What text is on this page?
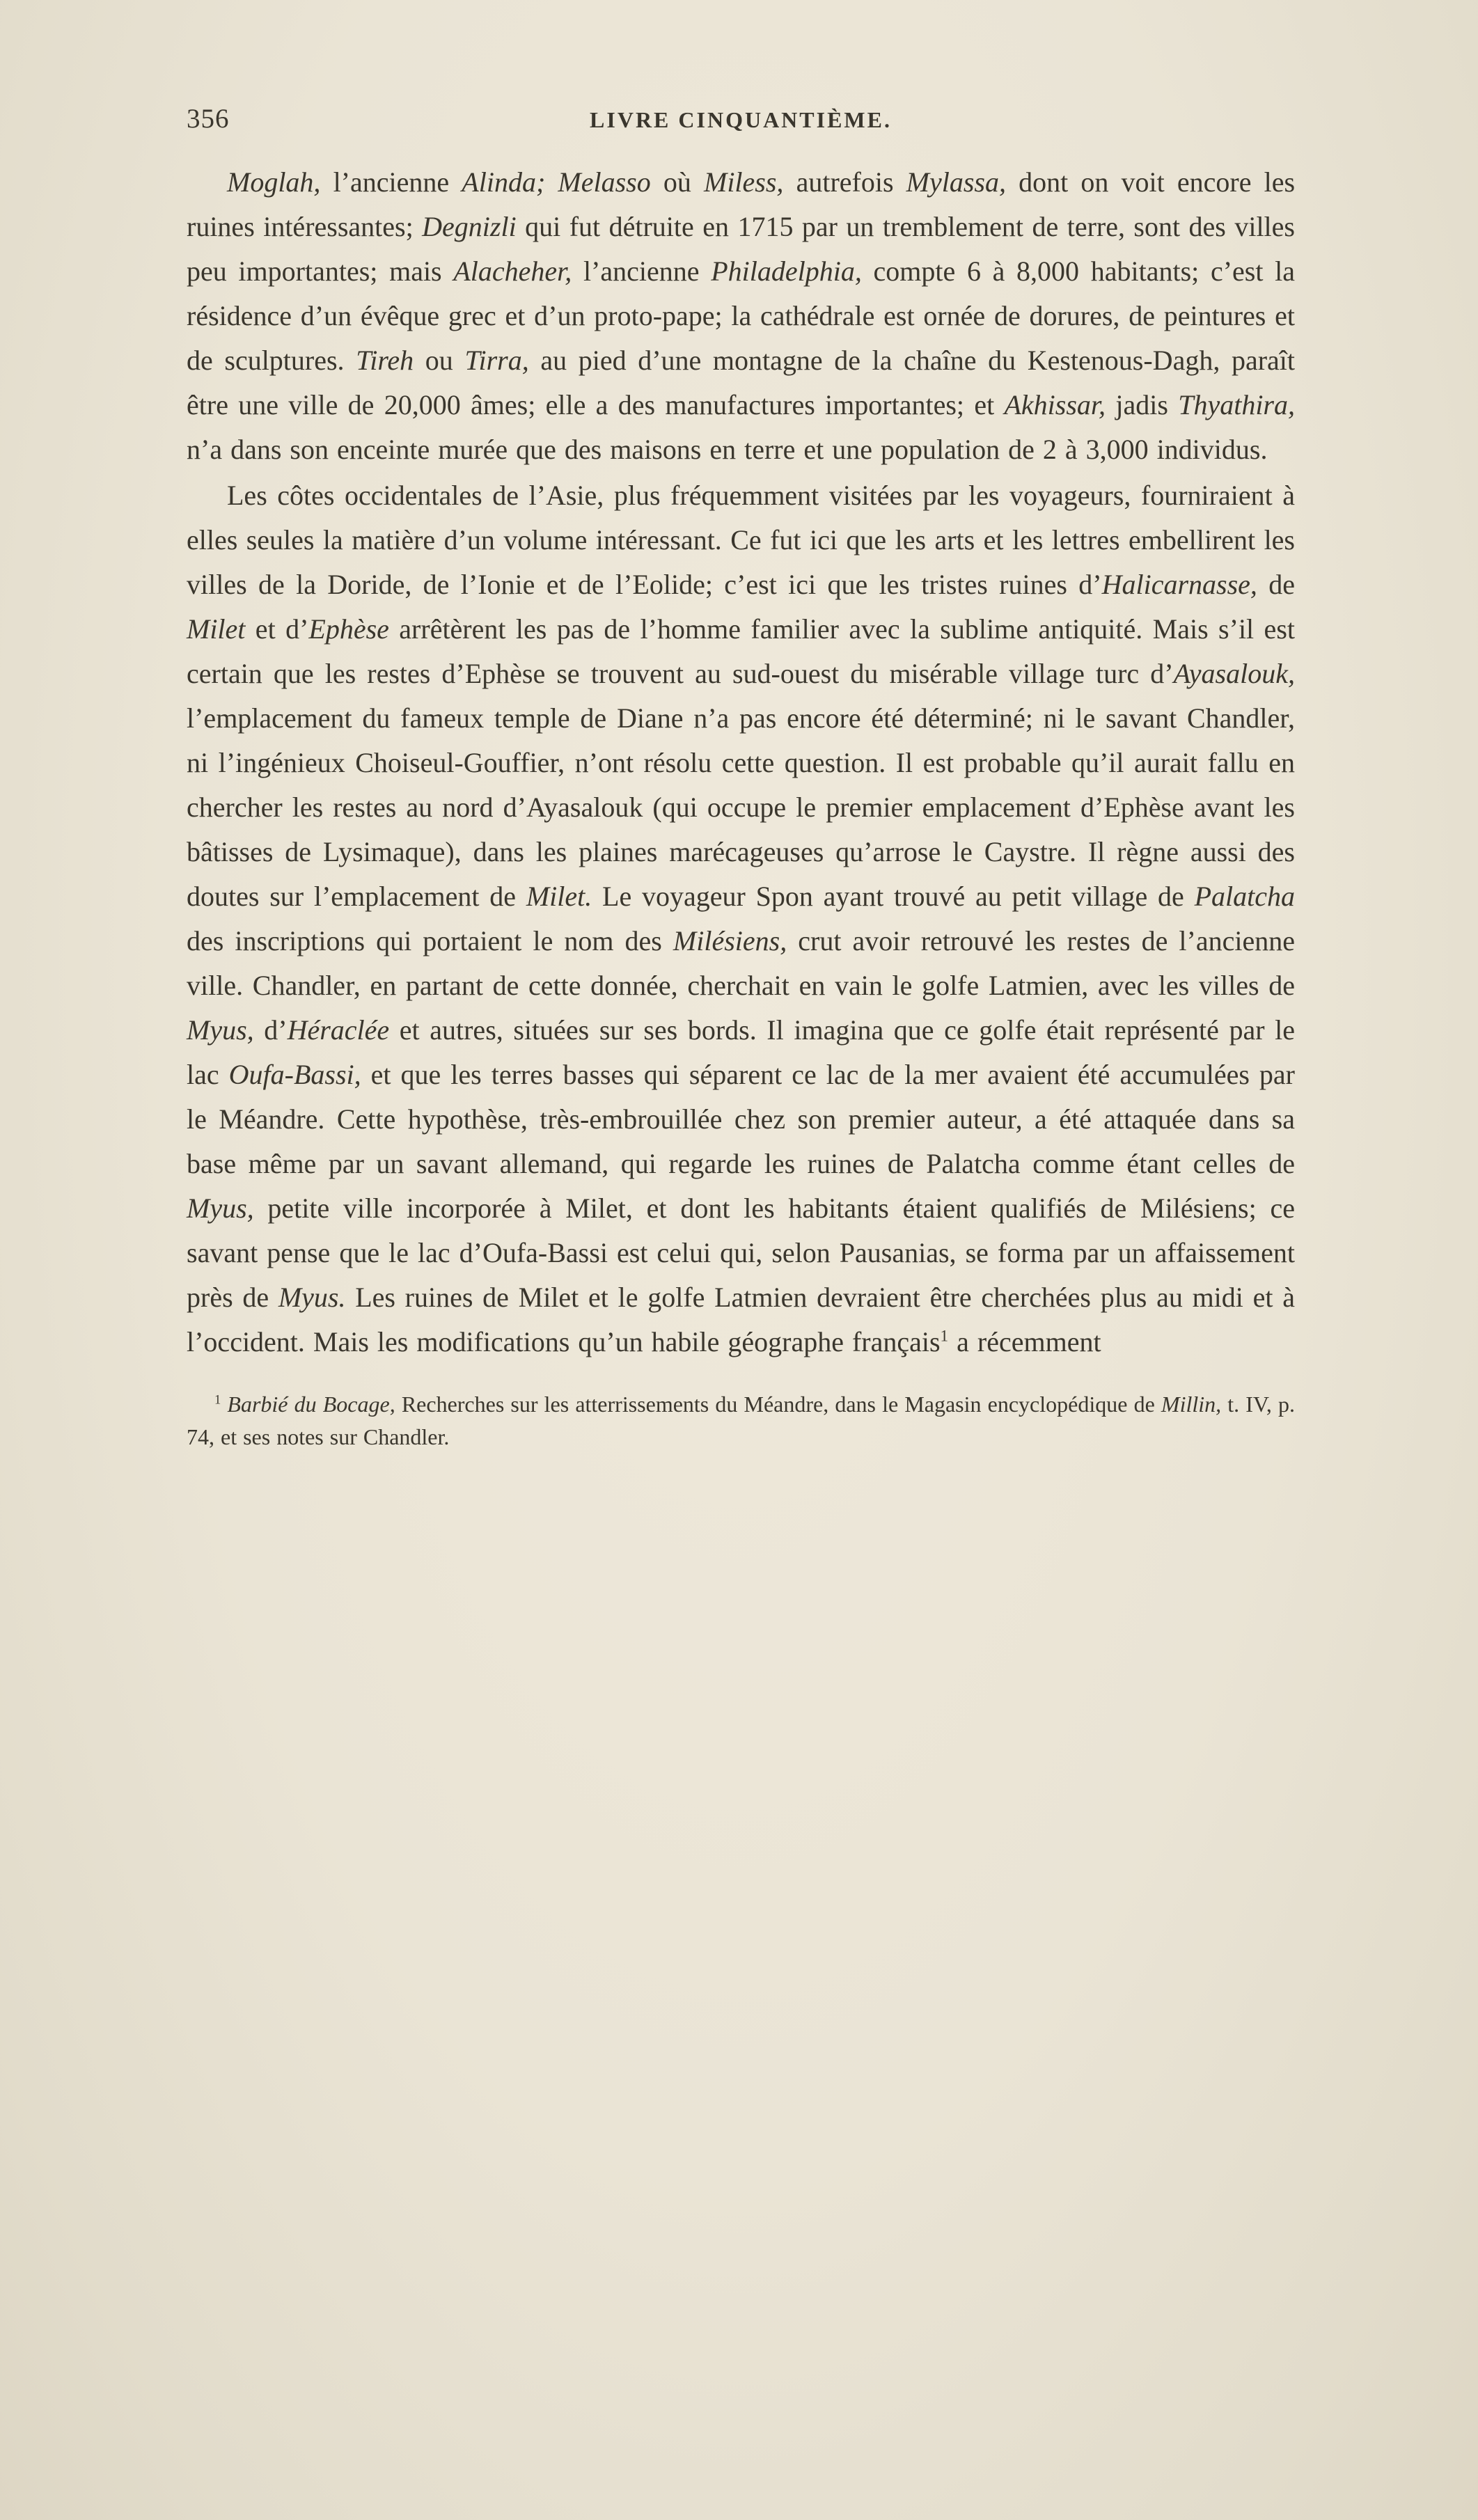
356	LIVRE CINQUANTIÈME.

Moglah, l’ancienne Alinda; Melasso où Miless, autrefois Mylassa, dont on voit encore les ruines intéressantes; Degnizli qui fut détruite en 1715 par un tremblement de terre, sont des villes peu importantes; mais Alacheher, l’ancienne Philadelphia, compte 6 à 8,000 habitants; c’est la résidence d’un évêque grec et d’un proto-pape; la cathédrale est ornée de dorures, de peintures et de sculptures. Tireh ou Tirra, au pied d’une montagne de la chaîne du Kestenous-Dagh, paraît être une ville de 20,000 âmes; elle a des manufactures importantes; et Akhissar, jadis Thyathira, n’a dans son enceinte murée que des maisons en terre et une population de 2 à 3,000 individus.

Les côtes occidentales de l’Asie, plus fréquemment visitées par les voyageurs, fourniraient à elles seules la matière d’un volume intéressant. Ce fut ici que les arts et les lettres embellirent les villes de la Doride, de l’Ionie et de l’Eolide; c’est ici que les tristes ruines d’Halicarnasse, de Milet et d’Ephèse arrêtèrent les pas de l’homme familier avec la sublime antiquité. Mais s’il est certain que les restes d’Ephèse se trouvent au sud-ouest du misérable village turc d’Ayasalouk, l’emplacement du fameux temple de Diane n’a pas encore été déterminé; ni le savant Chandler, ni l’ingénieux Choiseul-Gouffier, n’ont résolu cette question. Il est probable qu’il aurait fallu en chercher les restes au nord d’Ayasalouk (qui occupe le premier emplacement d’Ephèse avant les bâtisses de Lysimaque), dans les plaines marécageuses qu’arrose le Caystre. Il règne aussi des doutes sur l’emplacement de Milet. Le voyageur Spon ayant trouvé au petit village de Palatcha des inscriptions qui portaient le nom des Milésiens, crut avoir retrouvé les restes de l’ancienne ville. Chandler, en partant de cette donnée, cherchait en vain le golfe Latmien, avec les villes de Myus, d’Héraclée et autres, situées sur ses bords. Il imagina que ce golfe était représenté par le lac Oufa-Bassi, et que les terres basses qui séparent ce lac de la mer avaient été accumulées par le Méandre. Cette hypothèse, très-embrouillée chez son premier auteur, a été attaquée dans sa base même par un savant allemand, qui regarde les ruines de Palatcha comme étant celles de Myus, petite ville incorporée à Milet, et dont les habitants étaient qualifiés de Milésiens; ce savant pense que le lac d’Oufa-Bassi est celui qui, selon Pausanias, se forma par un affaissement près de Myus. Les ruines de Milet et le golfe Latmien devraient être cherchées plus au midi et à l’occident. Mais les modifications qu’un habile géographe français$^1$ a récemment

$^1$ Barbié du Bocage, Recherches sur les atterrissements du Méandre, dans le Magasin encyclopédique de Millin, t. IV, p. 74, et ses notes sur Chandler.
